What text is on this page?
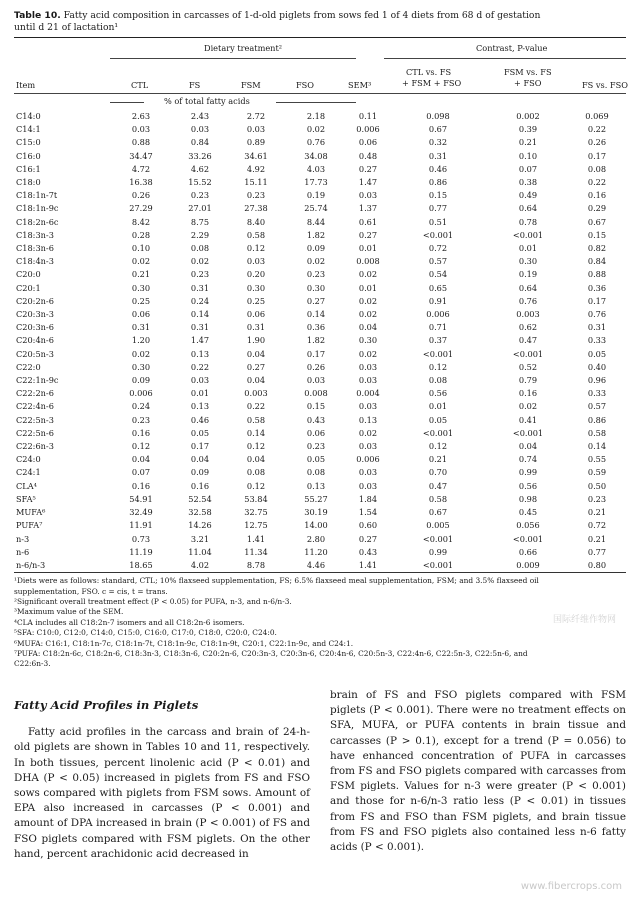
Table 10. Fatty acid composition in carcasses of 1-d-old piglets from sows fed 1 of 4 diets from 68 d of gestation
until d 21 of lactation¹
Dietary treatment²	Contrast, P-value
CTL vs. FS
+ FSM + FSO
FSM vs. FS
+ FSO
Item	CTL	FS	FSM	FSO	SEM³	FS vs. FSO
% of total fatty acids
C14:0	2.63	2.43	2.72	2.18	0.11	0.098	0.002	0.069
C14:1	0.03	0.03	0.03	0.02	0.006	0.67	0.39	0.22
C15:0	0.88	0.84	0.89	0.76	0.06	0.32	0.21	0.26
C16:0	34.47	33.26	34.61	34.08	0.48	0.31	0.10	0.17
C16:1	4.72	4.62	4.92	4.03	0.27	0.46	0.07	0.08
C18:0	16.38	15.52	15.11	17.73	1.47	0.86	0.38	0.22
C18:1n-7t	0.26	0.23	0.23	0.19	0.03	0.15	0.49	0.16
C18:1n-9c	27.29	27.01	27.38	25.74	1.37	0.77	0.64	0.29
C18:2n-6c	8.42	8.75	8.40	8.44	0.61	0.51	0.78	0.67
C18:3n-3	0.28	2.29	0.58	1.82	0.27	<0.001	<0.001	0.15
C18:3n-6	0.10	0.08	0.12	0.09	0.01	0.72	0.01	0.82
C18:4n-3	0.02	0.02	0.03	0.02	0.008	0.57	0.30	0.84
C20:0	0.21	0.23	0.20	0.23	0.02	0.54	0.19	0.88
C20:1	0.30	0.31	0.30	0.30	0.01	0.65	0.64	0.36
C20:2n-6	0.25	0.24	0.25	0.27	0.02	0.91	0.76	0.17
C20:3n-3	0.06	0.14	0.06	0.14	0.02	0.006	0.003	0.76
C20:3n-6	0.31	0.31	0.31	0.36	0.04	0.71	0.62	0.31
C20:4n-6	1.20	1.47	1.90	1.82	0.30	0.37	0.47	0.33
C20:5n-3	0.02	0.13	0.04	0.17	0.02	<0.001	<0.001	0.05
C22:0	0.30	0.22	0.27	0.26	0.03	0.12	0.52	0.40
C22:1n-9c	0.09	0.03	0.04	0.03	0.03	0.08	0.79	0.96
C22:2n-6	0.006	0.01	0.003	0.008	0.004	0.56	0.16	0.33
C22:4n-6	0.24	0.13	0.22	0.15	0.03	0.01	0.02	0.57
C22:5n-3	0.23	0.46	0.58	0.43	0.13	0.05	0.41	0.86
C22:5n-6	0.16	0.05	0.14	0.06	0.02	<0.001	<0.001	0.58
C22:6n-3	0.12	0.17	0.12	0.23	0.03	0.12	0.04	0.14
C24:0	0.04	0.04	0.04	0.05	0.006	0.21	0.74	0.55
C24:1	0.07	0.09	0.08	0.08	0.03	0.70	0.99	0.59
CLA⁴	0.16	0.16	0.12	0.13	0.03	0.47	0.56	0.50
SFA⁵	54.91	52.54	53.84	55.27	1.84	0.58	0.98	0.23
MUFA⁶	32.49	32.58	32.75	30.19	1.54	0.67	0.45	0.21
PUFA⁷	11.91	14.26	12.75	14.00	0.60	0.005	0.056	0.72
n-3	0.73	3.21	1.41	2.80	0.27	<0.001	<0.001	0.21
n-6	11.19	11.04	11.34	11.20	0.43	0.99	0.66	0.77
n-6/n-3	18.65	4.02	8.78	4.46	1.41	<0.001	0.009	0.80
¹Diets were as follows: standard, CTL; 10% flaxseed supplementation, FS; 6.5% flaxseed meal supplementation, FSM; and 3.5% flaxseed oil
supplementation, FSO. c = cis, t = trans.
²Significant overall treatment effect (P < 0.05) for PUFA, n-3, and n-6/n-3.
³Maximum value of the SEM.
⁴CLA includes all C18:2n-7 isomers and all C18:2n-6 isomers.
⁵SFA: C10:0, C12:0, C14:0, C15:0, C16:0, C17:0, C18:0, C20:0, C24:0.
⁶MUFA: C16:1, C18:1n-7c, C18:1n-7t, C18:1n-9c, C18:1n-9t, C20:1, C22:1n-9c, and C24:1.
⁷PUFA: C18:2n-6c, C18:2n-6, C18:3n-3, C18:3n-6, C20:2n-6, C20:3n-3, C20:3n-6, C20:4n-6, C20:5n-3, C22:4n-6, C22:5n-3, C22:5n-6, and
C22:6n-3.
国际纤维作物网
Fatty Acid Profiles in Piglets
Fatty acid profiles in the carcass and brain of 24-h-old piglets are shown in Tables 10 and 11, respectively. In both tissues, percent linolenic acid (P < 0.01) and DHA (P < 0.05) increased in piglets from FS and FSO sows compared with piglets from FSM sows. Amount of EPA also increased in carcasses (P < 0.001) and amount of DPA increased in brain (P < 0.001) of FS and FSO piglets compared with FSM piglets. On the other hand, percent arachidonic acid decreased in
brain of FS and FSO piglets compared with FSM piglets (P < 0.001). There were no treatment effects on SFA, MUFA, or PUFA contents in brain tissue and carcasses (P > 0.1), except for a trend (P = 0.056) to have enhanced concentration of PUFA in carcasses from FS and FSO piglets compared with carcasses from FSM piglets. Values for n-3 were greater (P < 0.001) and those for n-6/n-3 ratio less (P < 0.01) in tissues from FS and FSO than FSM piglets, and brain tissue from FS and FSO piglets also contained less n-6 fatty acids (P < 0.001).
www.fibercrops.com
